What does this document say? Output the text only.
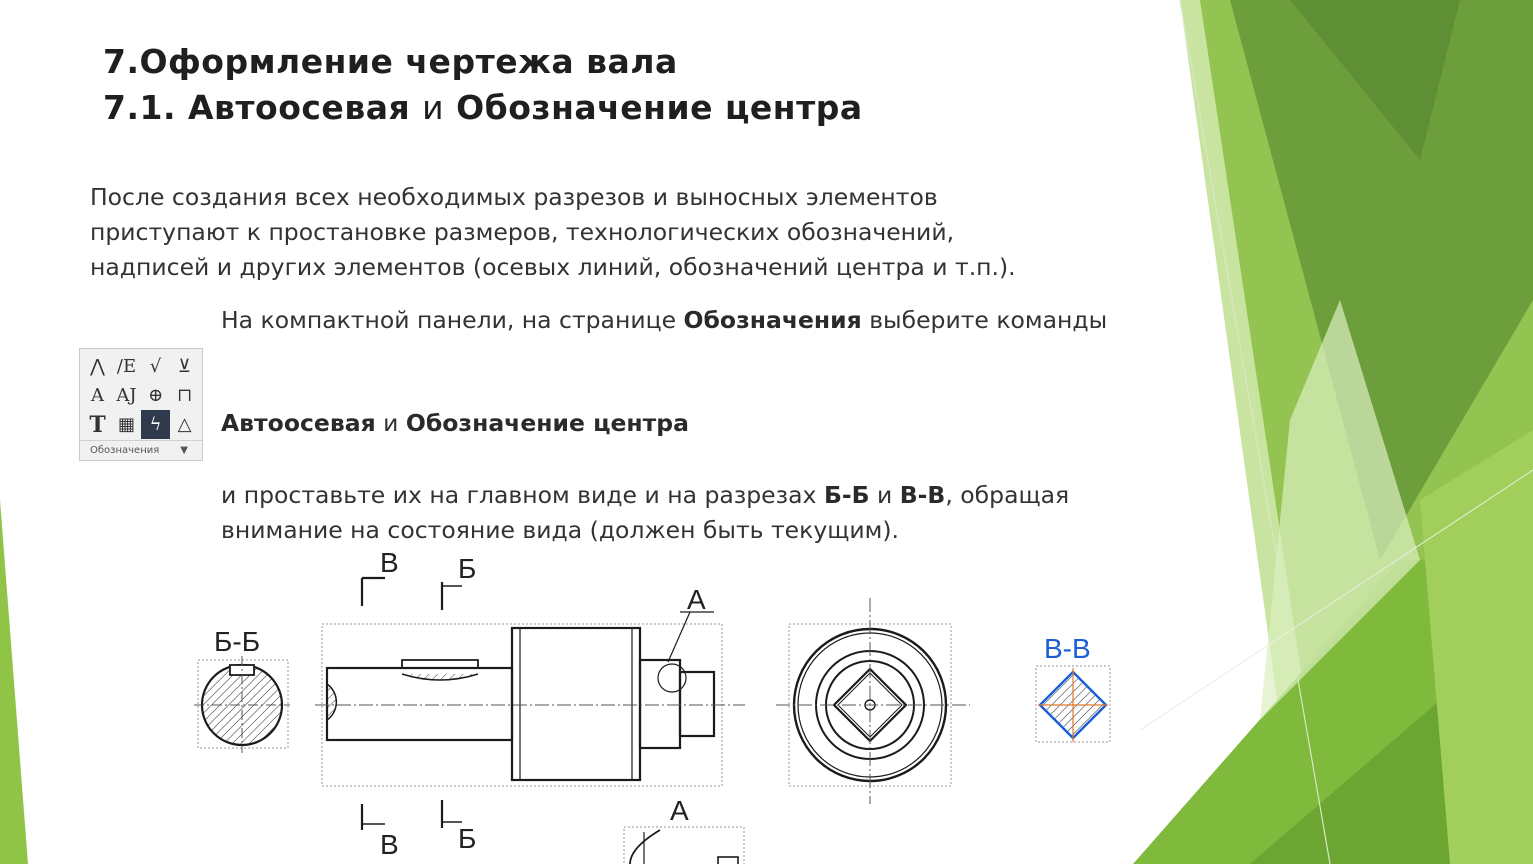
7.Оформление чертежа вала
7.1. Автоосевая и Обозначение центра
После создания всех необходимых разрезов и выносных элементов
приступают к простановке размеров, технологических обозначений,
надписей и других элементов (осевых линий, обозначений центра и т.п.).
На компактной панели, на странице Обозначения выберите команды
⋀ /E √ ⊻
A AJ ⊕ ⊓
T ▦ ϟ △
Обозначения ▼
Автоосевая и Обозначение центра
и проставьте их на главном виде и на разрезах Б-Б и В-В, обращая
внимание на состояние вида (должен быть текущим).
Б-Б
А
В Б
В Б
А
В-В
